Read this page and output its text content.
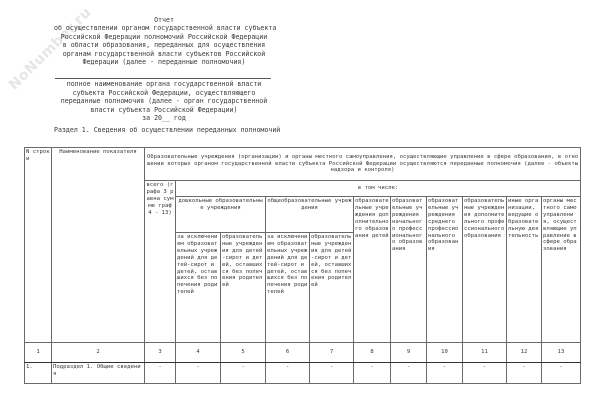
NoNumber.ru	Отчет
об осуществлении органом государственной власти субъекта
Российской Федерации полномочий Российской Федерации
в области образования, переданных для осуществления
органам государственной власти субъектов Российской
Федерации (далее - переданные полномочия)
полное наименование органа государственной власти
субъекта Российской Федерации, осуществляющего
переданные полномочия (далее - орган государственной
власти субъекта Российской Федерации)
за 20__ год
Раздел 1. Сведения об осуществлении переданных полномочий
N строки	Наименование показателя	Образовательные учреждения (организации) и органы местного самоуправления, осуществляющие управление в сфере образования, в отношении которых органом государственной власти субъекта Российской Федерации осуществляются переданные полномочия (далее - объекты надзора и контроля)										
		всего (графа 3 равна сумме граф 4 - 13)	в том числе:									
			дошкольные образовательные учреждения		общеобразовательные учреждения		образовательные учреждения дополнительного образования детей	образовательные учреждения начального профессионального образования	образовательные учреждения среднего профессионального образования	образовательные учреждения дополнительного профессионального образования	иные организации, ведущие образовательную деятельность	органы местного самоуправления, осуществляющие управление в сфере образования
			за исключением образовательных учреждений для детей-сирот и детей, оставшихся без попечения родителей	образовательные учреждения для детей-сирот и детей, оставшихся без попечения родителей	за исключением образовательных учреждений для детей-сирот и детей, оставшихся без попечения родителей	образовательные учреждения для детей-сирот и детей, оставшихся без попечения родителей						
1	2	3	4	5	6	7	8	9	10	11	12	13
1.	Подраздел 1. Общие сведения	-	-	-	-	-	-	-	-	-	-	-
